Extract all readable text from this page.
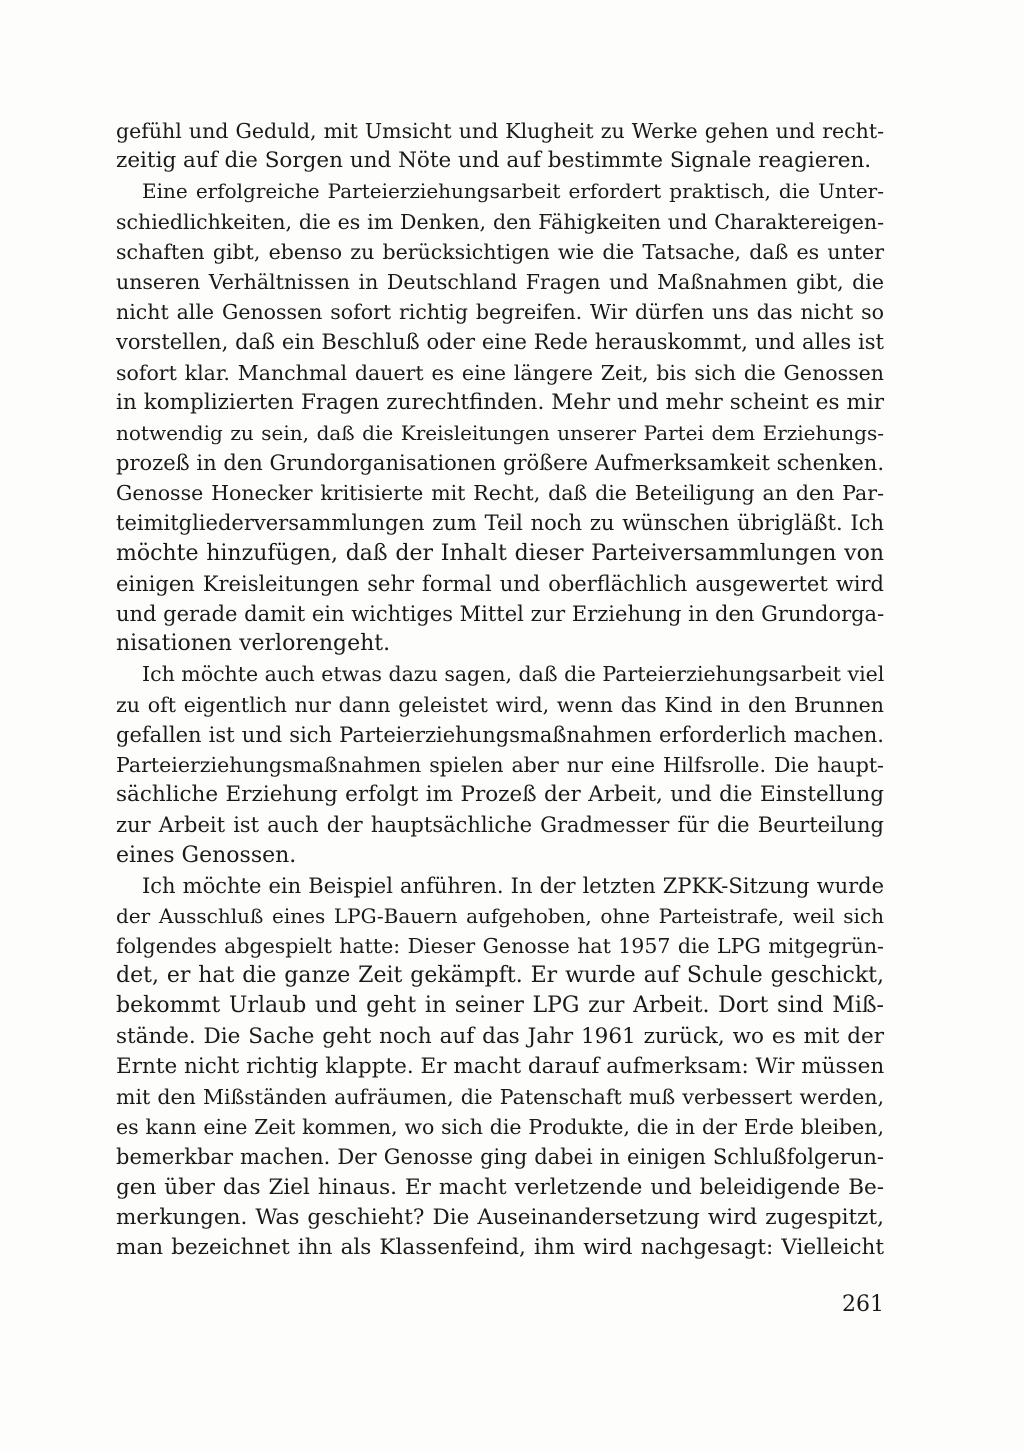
gefühl und Geduld, mit Umsicht und Klugheit zu Werke gehen und recht-
zeitig auf die Sorgen und Nöte und auf bestimmte Signale reagieren.
Eine erfolgreiche Parteierziehungsarbeit erfordert praktisch, die Unter-
schiedlichkeiten, die es im Denken, den Fähigkeiten und Charaktereigen-
schaften gibt, ebenso zu berücksichtigen wie die Tatsache, daß es unter
unseren Verhältnissen in Deutschland Fragen und Maßnahmen gibt, die
nicht alle Genossen sofort richtig begreifen. Wir dürfen uns das nicht so
vorstellen, daß ein Beschluß oder eine Rede herauskommt, und alles ist
sofort klar. Manchmal dauert es eine längere Zeit, bis sich die Genossen
in komplizierten Fragen zurechtfinden. Mehr und mehr scheint es mir
notwendig zu sein, daß die Kreisleitungen unserer Partei dem Erziehungs-
prozeß in den Grundorganisationen größere Aufmerksamkeit schenken.
Genosse Honecker kritisierte mit Recht, daß die Beteiligung an den Par-
teimitgliederversammlungen zum Teil noch zu wünschen übrigläßt. Ich
möchte hinzufügen, daß der Inhalt dieser Parteiversammlungen von
einigen Kreisleitungen sehr formal und oberflächlich ausgewertet wird
und gerade damit ein wichtiges Mittel zur Erziehung in den Grundorga-
nisationen verlorengeht.
Ich möchte auch etwas dazu sagen, daß die Parteierziehungsarbeit viel
zu oft eigentlich nur dann geleistet wird, wenn das Kind in den Brunnen
gefallen ist und sich Parteierziehungsmaßnahmen erforderlich machen.
Parteierziehungsmaßnahmen spielen aber nur eine Hilfsrolle. Die haupt-
sächliche Erziehung erfolgt im Prozeß der Arbeit, und die Einstellung
zur Arbeit ist auch der hauptsächliche Gradmesser für die Beurteilung
eines Genossen.
Ich möchte ein Beispiel anführen. In der letzten ZPKK-Sitzung wurde
der Ausschluß eines LPG-Bauern aufgehoben, ohne Parteistrafe, weil sich
folgendes abgespielt hatte: Dieser Genosse hat 1957 die LPG mitgegrün-
det, er hat die ganze Zeit gekämpft. Er wurde auf Schule geschickt,
bekommt Urlaub und geht in seiner LPG zur Arbeit. Dort sind Miß-
stände. Die Sache geht noch auf das Jahr 1961 zurück, wo es mit der
Ernte nicht richtig klappte. Er macht darauf aufmerksam: Wir müssen
mit den Mißständen aufräumen, die Patenschaft muß verbessert werden,
es kann eine Zeit kommen, wo sich die Produkte, die in der Erde bleiben,
bemerkbar machen. Der Genosse ging dabei in einigen Schlußfolgerun-
gen über das Ziel hinaus. Er macht verletzende und beleidigende Be-
merkungen. Was geschieht? Die Auseinandersetzung wird zugespitzt,
man bezeichnet ihn als Klassenfeind, ihm wird nachgesagt: Vielleicht
261
